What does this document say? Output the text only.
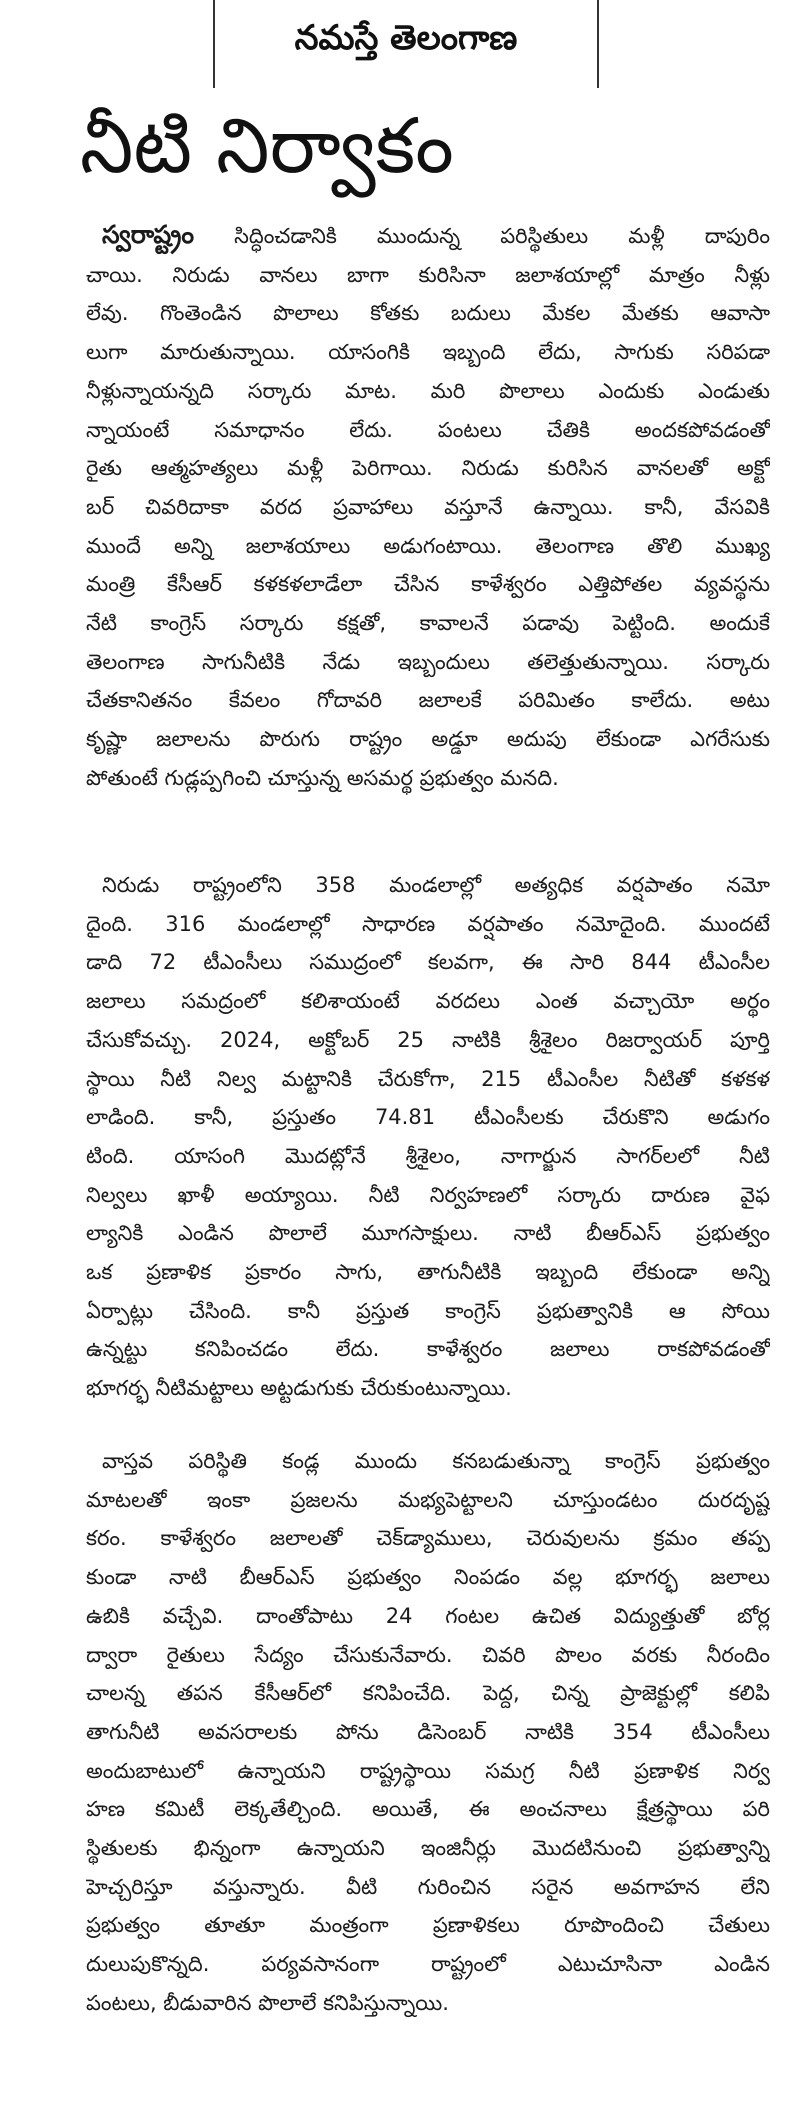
నమస్తే తెలంగాణ
నీటి నిర్వాకం

స్వరాష్ట్రం సిద్ధించడానికి ముందున్న పరిస్థితులు మళ్లీ దాపురిం

చాయి. నిరుడు వానలు బాగా కురిసినా జలాశయాల్లో మాత్రం నీళ్లు

లేవు. గొంతెండిన పొలాలు కోతకు బదులు మేకల మేతకు ఆవాసా

లుగా మారుతున్నాయి. యాసంగికి ఇబ్బంది లేదు, సాగుకు సరిపడా

నీళ్లున్నాయన్నది సర్కారు మాట. మరి పొలాలు ఎందుకు ఎండుతు

న్నాయంటే సమాధానం లేదు. పంటలు చేతికి అందకపోవడంతో

రైతు ఆత్మహత్యలు మళ్లీ పెరిగాయి. నిరుడు కురిసిన వానలతో అక్టో

బర్ చివరిదాకా వరద ప్రవాహాలు వస్తూనే ఉన్నాయి. కానీ, వేసవికి

ముందే అన్ని జలాశయాలు అడుగంటాయి. తెలంగాణ తొలి ముఖ్య

మంత్రి కేసీఆర్ కళకళలాడేలా చేసిన కాళేశ్వరం ఎత్తిపోతల వ్యవస్థను

నేటి కాంగ్రెస్ సర్కారు కక్షతో, కావాలనే పడావు పెట్టింది. అందుకే

తెలంగాణ సాగునీటికి నేడు ఇబ్బందులు తలెత్తుతున్నాయి. సర్కారు

చేతకానితనం కేవలం గోదావరి జలాలకే పరిమితం కాలేదు. అటు

కృష్ణా జలాలను పొరుగు రాష్ట్రం అడ్డూ అదుపు లేకుండా ఎగరేసుకు

పోతుంటే గుడ్లప్పగించి చూస్తున్న అసమర్థ ప్రభుత్వం మనది.

నిరుడు రాష్ట్రంలోని 358 మండలాల్లో అత్యధిక వర్షపాతం నమో

దైంది. 316 మండలాల్లో సాధారణ వర్షపాతం నమోదైంది. ముందటే

డాది 72 టీఎంసీలు సముద్రంలో కలవగా, ఈ సారి 844 టీఎంసీల

జలాలు సమద్రంలో కలిశాయంటే వరదలు ఎంత వచ్చాయో అర్థం

చేసుకోవచ్చు. 2024, అక్టోబర్ 25 నాటికి శ్రీశైలం రిజర్వాయర్ పూర్తి

స్థాయి నీటి నిల్వ మట్టానికి చేరుకోగా, 215 టీఎంసీల నీటితో కళకళ

లాడింది. కానీ, ప్రస్తుతం 74.81 టీఎంసీలకు చేరుకొని అడుగం

టింది. యాసంగి మొదట్లోనే శ్రీశైలం, నాగార్జున సాగర్‌లలో నీటి

నిల్వలు ఖాళీ అయ్యాయి. నీటి నిర్వహణలో సర్కారు దారుణ వైఫ

ల్యానికి ఎండిన పొలాలే మూగసాక్షులు. నాటి బీఆర్ఎస్ ప్రభుత్వం

ఒక ప్రణాళిక ప్రకారం సాగు, తాగునీటికి ఇబ్బంది లేకుండా అన్ని

ఏర్పాట్లు చేసింది. కానీ ప్రస్తుత కాంగ్రెస్ ప్రభుత్వానికి ఆ సోయి

ఉన్నట్టు కనిపించడం లేదు. కాళేశ్వరం జలాలు రాకపోవడంతో

భూగర్భ నీటిమట్టాలు అట్టడుగుకు చేరుకుంటున్నాయి.

వాస్తవ పరిస్థితి కండ్ల ముందు కనబడుతున్నా కాంగ్రెస్ ప్రభుత్వం

మాటలతో ఇంకా ప్రజలను మభ్యపెట్టాలని చూస్తుండటం దురదృష్ట

కరం. కాళేశ్వరం జలాలతో చెక్‌డ్యాములు, చెరువులను క్రమం తప్ప

కుండా నాటి బీఆర్ఎస్ ప్రభుత్వం నింపడం వల్ల భూగర్భ జలాలు

ఉబికి వచ్చేవి. దాంతోపాటు 24 గంటల ఉచిత విద్యుత్తుతో బోర్ల

ద్వారా రైతులు సేద్యం చేసుకునేవారు. చివరి పొలం వరకు నీరందిం

చాలన్న తపన కేసీఆర్‌లో కనిపించేది. పెద్ద, చిన్న ప్రాజెక్టుల్లో కలిపి

తాగునీటి అవసరాలకు పోను డిసెంబర్ నాటికి 354 టీఎంసీలు

అందుబాటులో ఉన్నాయని రాష్ట్రస్థాయి సమగ్ర నీటి ప్రణాళిక నిర్వ

హణ కమిటీ లెక్కతేల్చింది. అయితే, ఈ అంచనాలు క్షేత్రస్థాయి పరి

స్థితులకు భిన్నంగా ఉన్నాయని ఇంజినీర్లు మొదటినుంచి ప్రభుత్వాన్ని

హెచ్చరిస్తూ వస్తున్నారు. వీటి గురించిన సరైన అవగాహన లేని

ప్రభుత్వం తూతూ మంత్రంగా ప్రణాళికలు రూపొందించి చేతులు

దులుపుకొన్నది. పర్యవసానంగా రాష్ట్రంలో ఎటుచూసినా ఎండిన

పంటలు, బీడువారిన పొలాలే కనిపిస్తున్నాయి.
